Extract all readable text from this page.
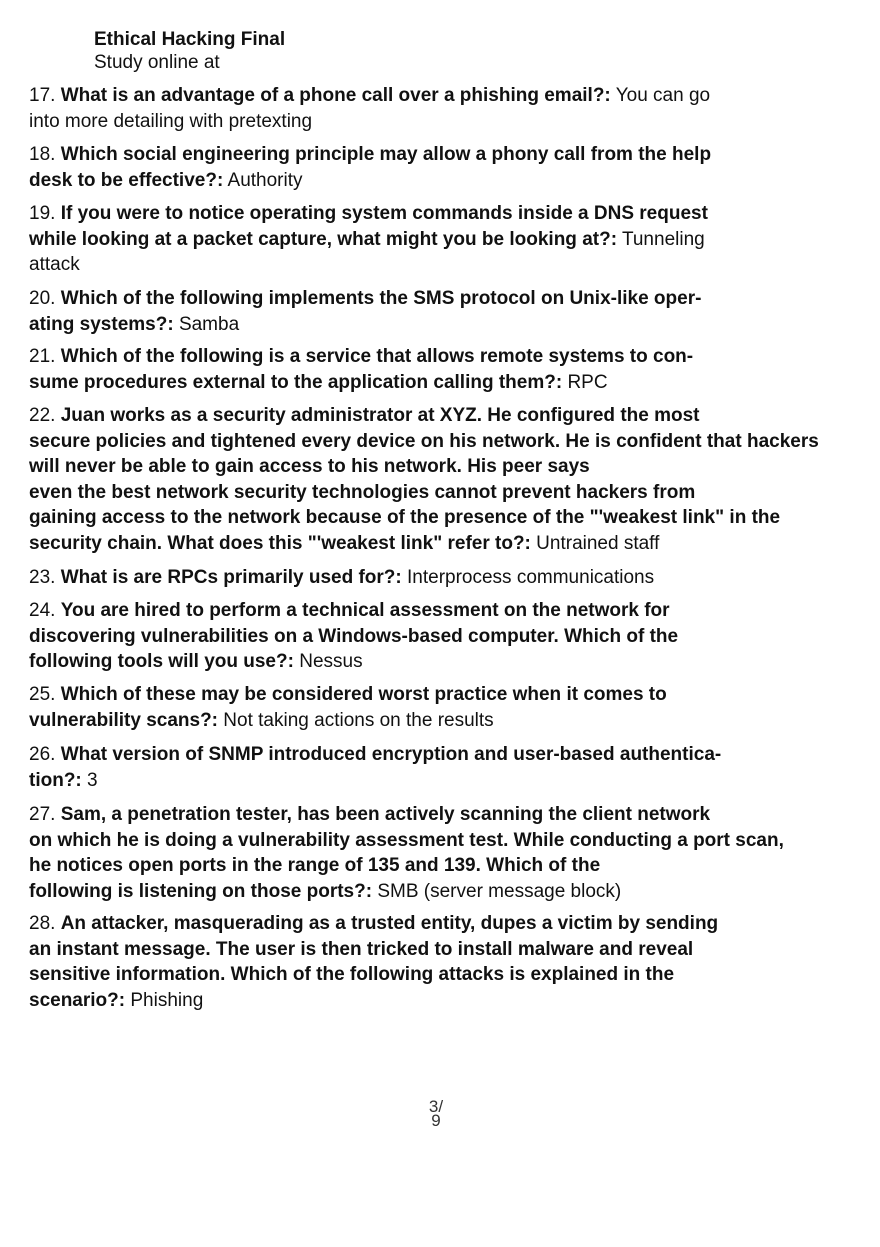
Ethical Hacking Final
Study online at
17. What is an advantage of a phone call over a phishing email?: You can go
into more detailing with pretexting
18. Which social engineering principle may allow a phony call from the help
desk to be effective?: Authority
19. If you were to notice operating system commands inside a DNS request
while looking at a packet capture, what might you be looking at?: Tunneling
attack
20. Which of the following implements the SMS protocol on Unix-like oper-
ating systems?: Samba
21. Which of the following is a service that allows remote systems to con-
sume procedures external to the application calling them?: RPC
22. Juan works as a security administrator at XYZ. He configured the most
secure policies and tightened every device on his network. He is confident that hackers
will never be able to gain access to his network. His peer says
even the best network security technologies cannot prevent hackers from
gaining access to the network because of the presence of the "'weakest link" in the
security chain. What does this "'weakest link" refer to?: Untrained staff
23. What is are RPCs primarily used for?: Interprocess communications
24. You are hired to perform a technical assessment on the network for
discovering vulnerabilities on a Windows-based computer. Which of the
following tools will you use?: Nessus
25. Which of these may be considered worst practice when it comes to
vulnerability scans?: Not taking actions on the results
26. What version of SNMP introduced encryption and user-based authentica-
tion?: 3
27. Sam, a penetration tester, has been actively scanning the client network
on which he is doing a vulnerability assessment test. While conducting a port scan,
he notices open ports in the range of 135 and 139. Which of the
following is listening on those ports?: SMB (server message block)
28. An attacker, masquerading as a trusted entity, dupes a victim by sending
an instant message. The user is then tricked to install malware and reveal
sensitive information. Which of the following attacks is explained in the
scenario?: Phishing
3/
9
